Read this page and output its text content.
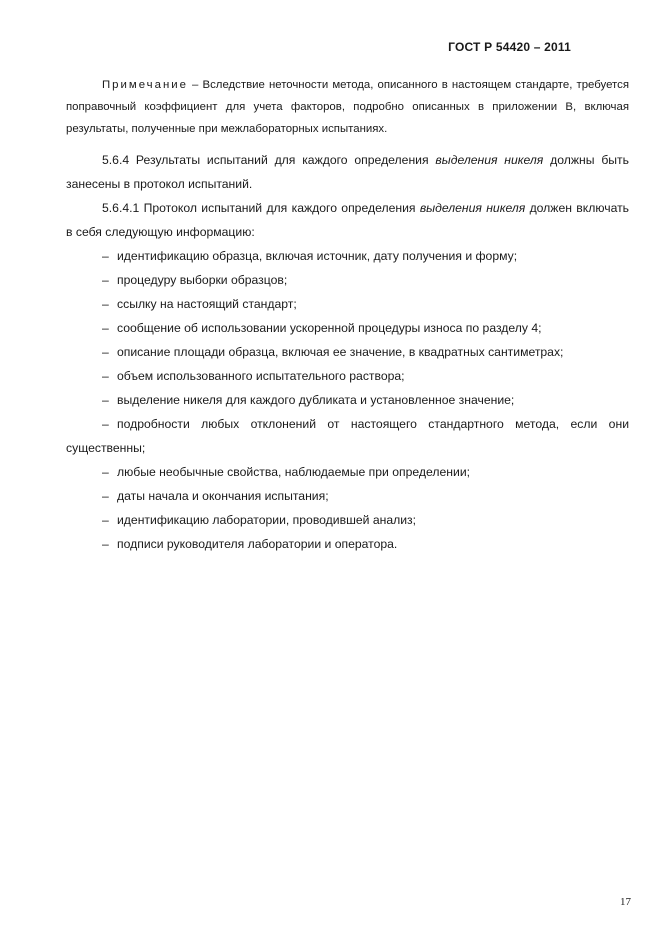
ГОСТ Р 54420 – 2011

Примечание – Вследствие неточности метода, описанного в настоящем стандарте, требуется поправочный коэффициент для учета факторов, подробно описанных в приложении В, включая результаты, полученные при межлабораторных испытаниях.

5.6.4 Результаты испытаний для каждого определения выделения никеля должны быть занесены в протокол испытаний.

5.6.4.1 Протокол испытаний для каждого определения выделения никеля должен включать в себя следующую информацию:

– идентификацию образца, включая источник, дату получения и форму;
– процедуру выборки образцов;
– ссылку на настоящий стандарт;
– сообщение об использовании ускоренной процедуры износа по разделу 4;
– описание площади образца, включая ее значение, в квадратных сантиметрах;
– объем использованного испытательного раствора;
– выделение никеля для каждого дубликата и установленное значение;
– подробности любых отклонений от настоящего стандартного метода, если они существенны;
– любые необычные свойства, наблюдаемые при определении;
– даты начала и окончания испытания;
– идентификацию лаборатории, проводившей анализ;
– подписи руководителя лаборатории и оператора.
17
